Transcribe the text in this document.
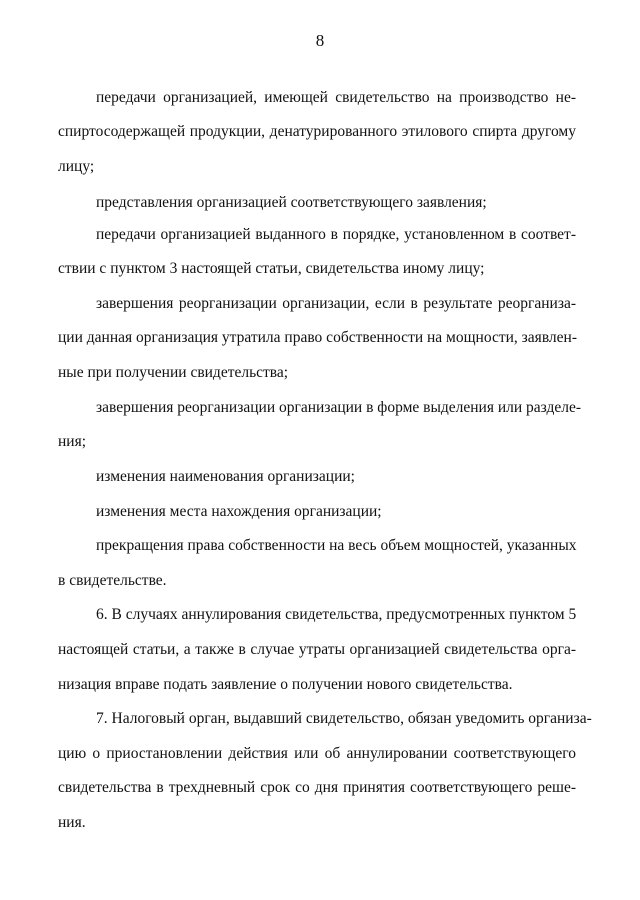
8
передачи организацией, имеющей свидетельство на производство не-
спиртосодержащей продукции, денатурированного этилового спирта другому
лицу;
представления организацией соответствующего заявления;
передачи организацией выданного в порядке, установленном в соответ-
ствии с пунктом 3 настоящей статьи, свидетельства иному лицу;
завершения реорганизации организации, если в результате реорганиза-
ции данная организация утратила право собственности на мощности, заявлен-
ные при получении свидетельства;
завершения реорганизации организации в форме выделения или разделе-
ния;
изменения наименования организации;
изменения места нахождения организации;
прекращения права собственности на весь объем мощностей, указанных
в свидетельстве.
6. В случаях аннулирования свидетельства, предусмотренных пунктом 5
настоящей статьи, а также в случае утраты организацией свидетельства орга-
низация вправе подать заявление о получении нового свидетельства.
7. Налоговый орган, выдавший свидетельство, обязан уведомить организа-
цию о приостановлении действия или об аннулировании соответствующего
свидетельства в трехдневный срок со дня принятия соответствующего реше-
ния.
